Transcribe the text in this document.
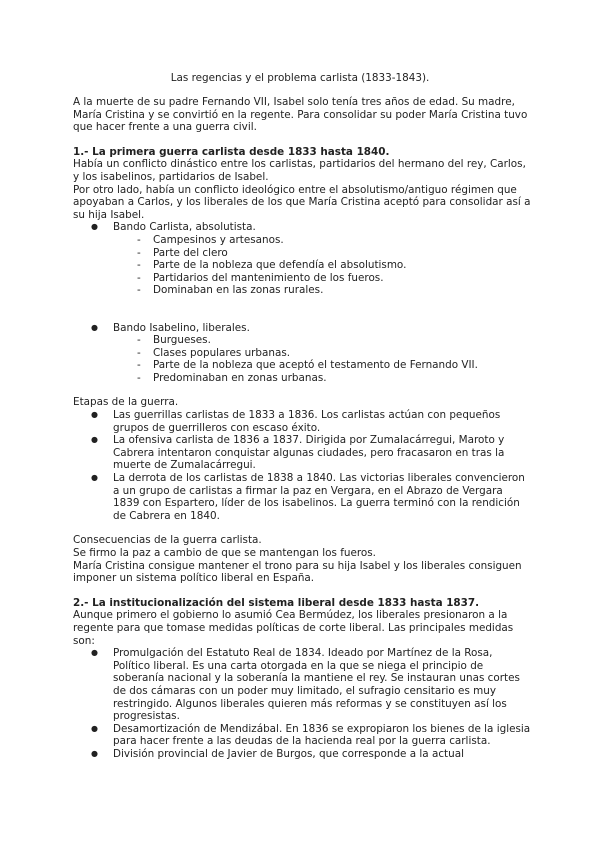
Las regencias y el problema carlista (1833-1843).

A la muerte de su padre Fernando VII, Isabel solo tenía tres años de edad. Su madre, María Cristina y se convirtió en la regente. Para consolidar su poder María Cristina tuvo que hacer frente a una guerra civil.

1.- La primera guerra carlista desde 1833 hasta 1840.

Había un conflicto dinástico entre los carlistas, partidarios del hermano del rey, Carlos, y los isabelinos, partidarios de Isabel.

Por otro lado, había un conflicto ideológico entre el absolutismo/antiguo régimen que apoyaban a Carlos, y los liberales de los que María Cristina aceptó para consolidar así a su hija Isabel.

● Bando Carlista, absolutista.
- Campesinos y artesanos.
- Parte del clero
- Parte de la nobleza que defendía el absolutismo.
- Partidarios del mantenimiento de los fueros.
- Dominaban en las zonas rurales.
● Bando Isabelino, liberales.
- Burgueses.
- Clases populares urbanas.
- Parte de la nobleza que aceptó el testamento de Fernando VII.
- Predominaban en zonas urbanas.

Etapas de la guerra.

● Las guerrillas carlistas de 1833 a 1836. Los carlistas actúan con pequeños grupos de guerrilleros con escaso éxito.
● La ofensiva carlista de 1836 a 1837. Dirigida por Zumalacárregui, Maroto y Cabrera intentaron conquistar algunas ciudades, pero fracasaron en tras la muerte de Zumalacárregui.
● La derrota de los carlistas de 1838 a 1840. Las victorias liberales convencieron a un grupo de carlistas a firmar la paz en Vergara, en el Abrazo de Vergara 1839 con Espartero, líder de los isabelinos. La guerra terminó con la rendición de Cabrera en 1840.

Consecuencias de la guerra carlista.

Se firmo la paz a cambio de que se mantengan los fueros.

María Cristina consigue mantener el trono para su hija Isabel y los liberales consiguen imponer un sistema político liberal en España.

2.- La institucionalización del sistema liberal desde 1833 hasta 1837.

Aunque primero el gobierno lo asumió Cea Bermúdez, los liberales presionaron a la regente para que tomase medidas políticas de corte liberal. Las principales medidas son:

● Promulgación del Estatuto Real de 1834. Ideado por Martínez de la Rosa, Político liberal. Es una carta otorgada en la que se niega el principio de soberanía nacional y la soberanía la mantiene el rey. Se instauran unas cortes de dos cámaras con un poder muy limitado, el sufragio censitario es muy restringido. Algunos liberales quieren más reformas y se constituyen así los progresistas.
● Desamortización de Mendizábal. En 1836 se expropiaron los bienes de la iglesia para hacer frente a las deudas de la hacienda real por la guerra carlista.
● División provincial de Javier de Burgos, que corresponde a la actual
